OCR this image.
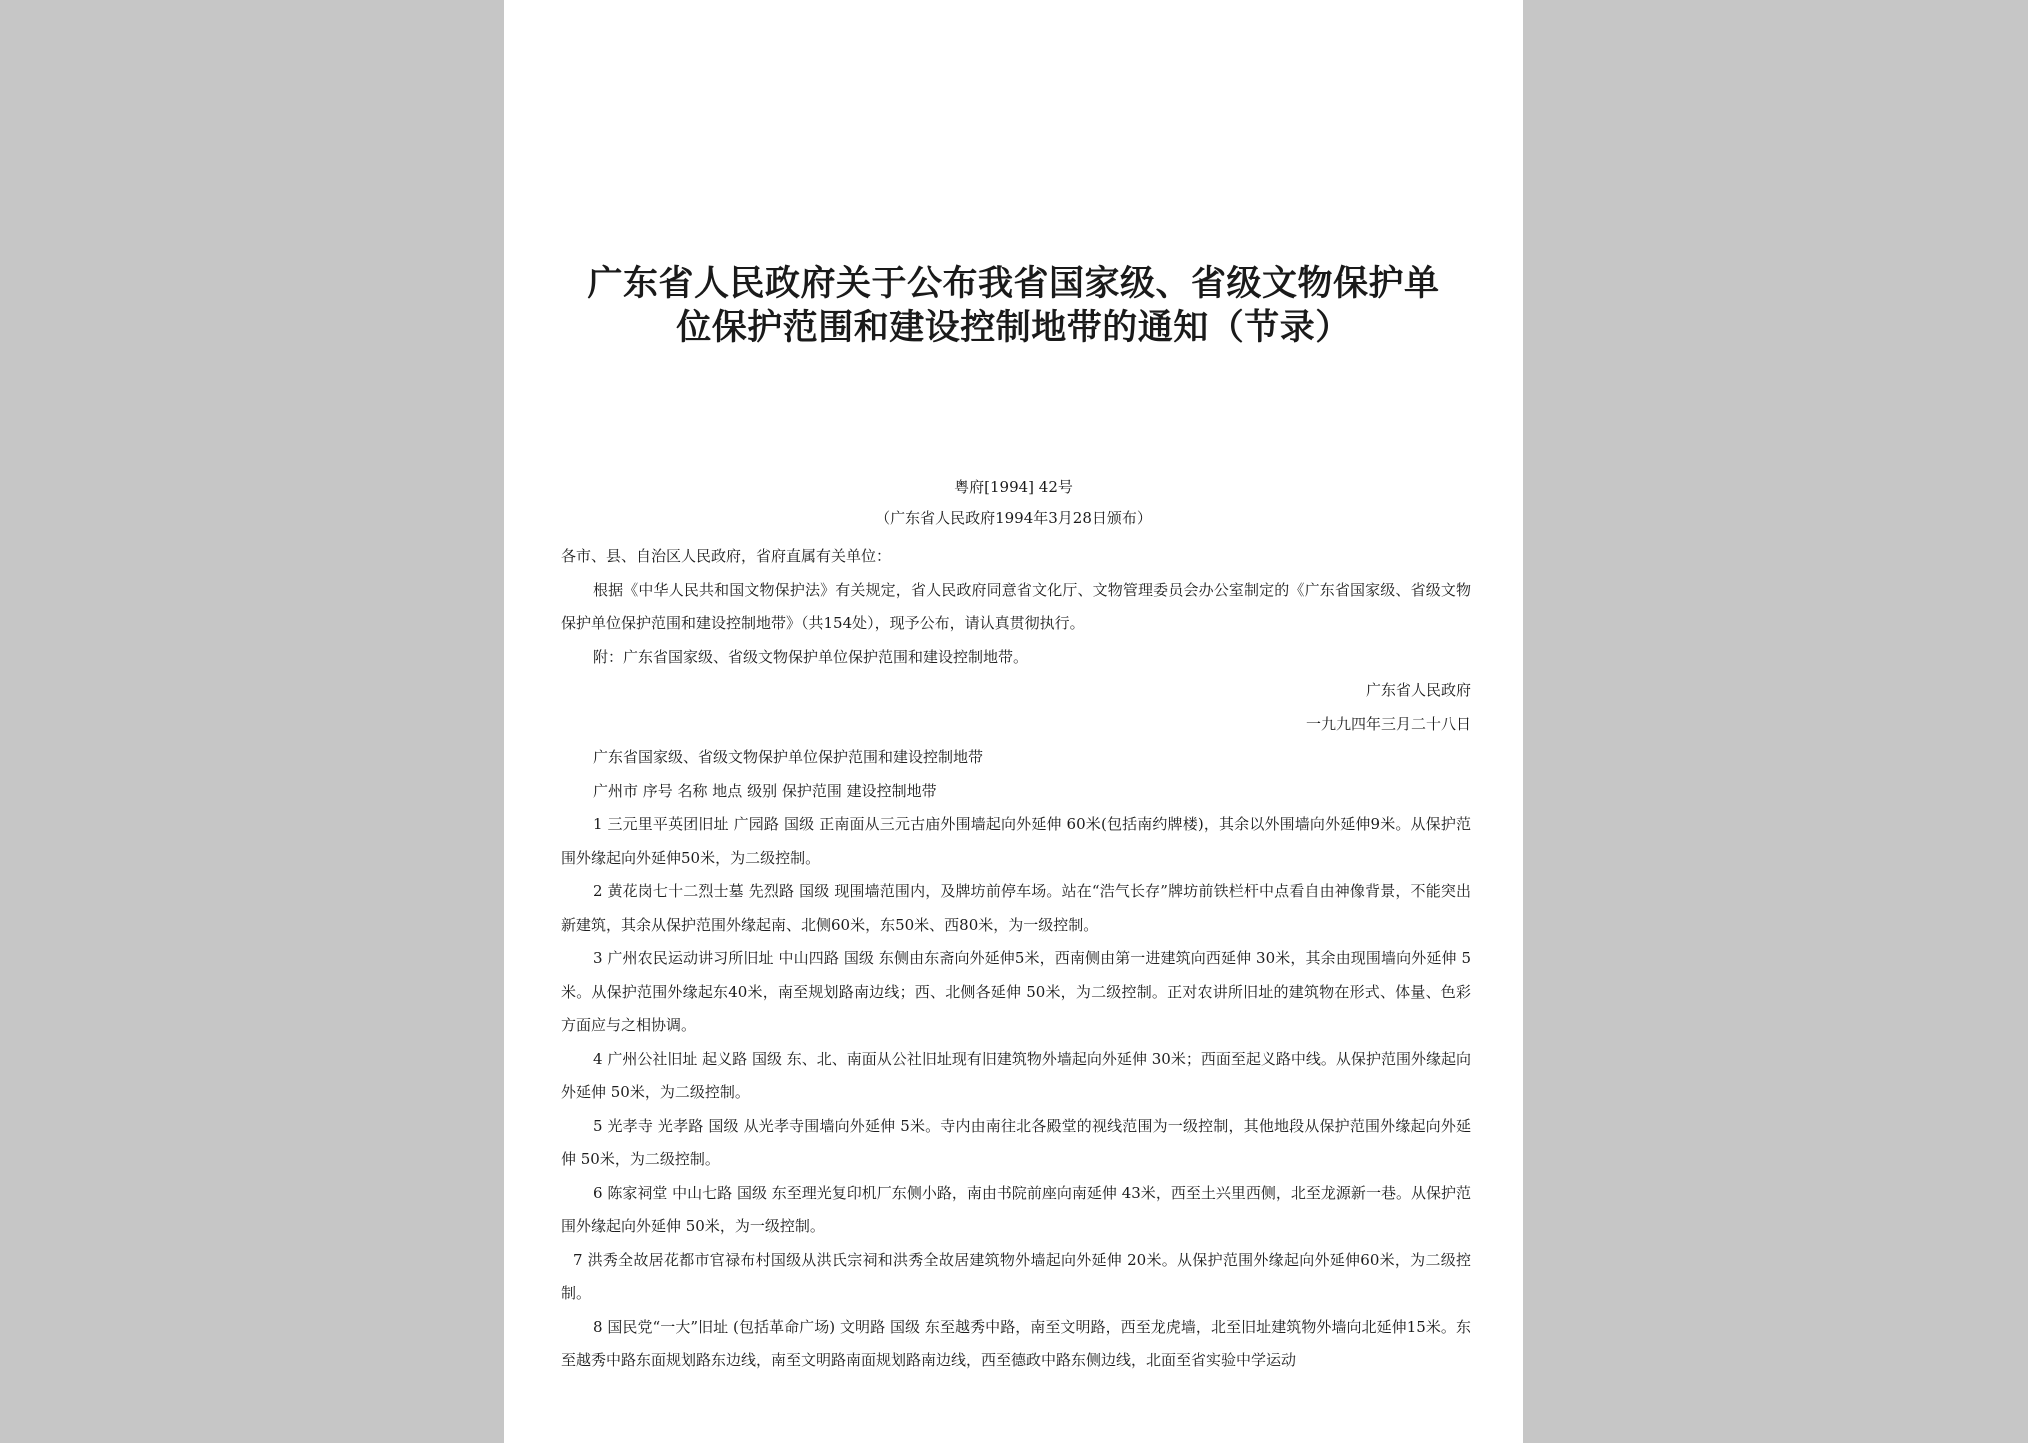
广东省人民政府关于公布我省国家级、省级文物保护单
位保护范围和建设控制地带的通知（节录）
粤府[1994] 42号
（广东省人民政府1994年3月28日颁布）

各市、县、自治区人民政府，省府直属有关单位：

根据《中华人民共和国文物保护法》有关规定，省人民政府同意省文化厅、文物管理委员会办公室制定的《广东省国家级、省级文物保护单位保护范围和建设控制地带》（共154处），现予公布，请认真贯彻执行。

附：广东省国家级、省级文物保护单位保护范围和建设控制地带。

广东省人民政府

一九九四年三月二十八日

广东省国家级、省级文物保护单位保护范围和建设控制地带

广州市 序号 名称 地点 级别 保护范围 建设控制地带

1 三元里平英团旧址 广园路 国级 正南面从三元古庙外围墙起向外延伸 60米(包括南约牌楼)，其余以外围墙向外延伸9米。从保护范围外缘起向外延伸50米，为二级控制。

2 黄花岗七十二烈士墓 先烈路 国级 现围墙范围内，及牌坊前停车场。站在“浩气长存”牌坊前铁栏杆中点看自由神像背景，不能突出新建筑，其余从保护范围外缘起南、北侧60米，东50米、西80米，为一级控制。

3 广州农民运动讲习所旧址 中山四路 国级 东侧由东斋向外延伸5米，西南侧由第一进建筑向西延伸 30米，其余由现围墙向外延伸 5米。从保护范围外缘起东40米，南至规划路南边线；西、北侧各延伸 50米，为二级控制。正对农讲所旧址的建筑物在形式、体量、色彩方面应与之相协调。

4 广州公社旧址 起义路 国级 东、北、南面从公社旧址现有旧建筑物外墙起向外延伸 30米；西面至起义路中线。从保护范围外缘起向外延伸 50米，为二级控制。

5 光孝寺 光孝路 国级 从光孝寺围墙向外延伸 5米。寺内由南往北各殿堂的视线范围为一级控制，其他地段从保护范围外缘起向外延伸 50米，为二级控制。

6 陈家祠堂 中山七路 国级 东至理光复印机厂东侧小路，南由书院前座向南延伸 43米，西至土兴里西侧，北至龙源新一巷。从保护范围外缘起向外延伸 50米，为一级控制。

7 洪秀全故居花都市官禄布村国级从洪氏宗祠和洪秀全故居建筑物外墙起向外延伸 20米。从保护范围外缘起向外延伸60米，为二级控制。

8 国民党“一大”旧址 (包括革命广场) 文明路 国级 东至越秀中路，南至文明路，西至龙虎墙，北至旧址建筑物外墙向北延伸15米。东至越秀中路东面规划路东边线，南至文明路南面规划路南边线，西至德政中路东侧边线，北面至省实验中学运动
